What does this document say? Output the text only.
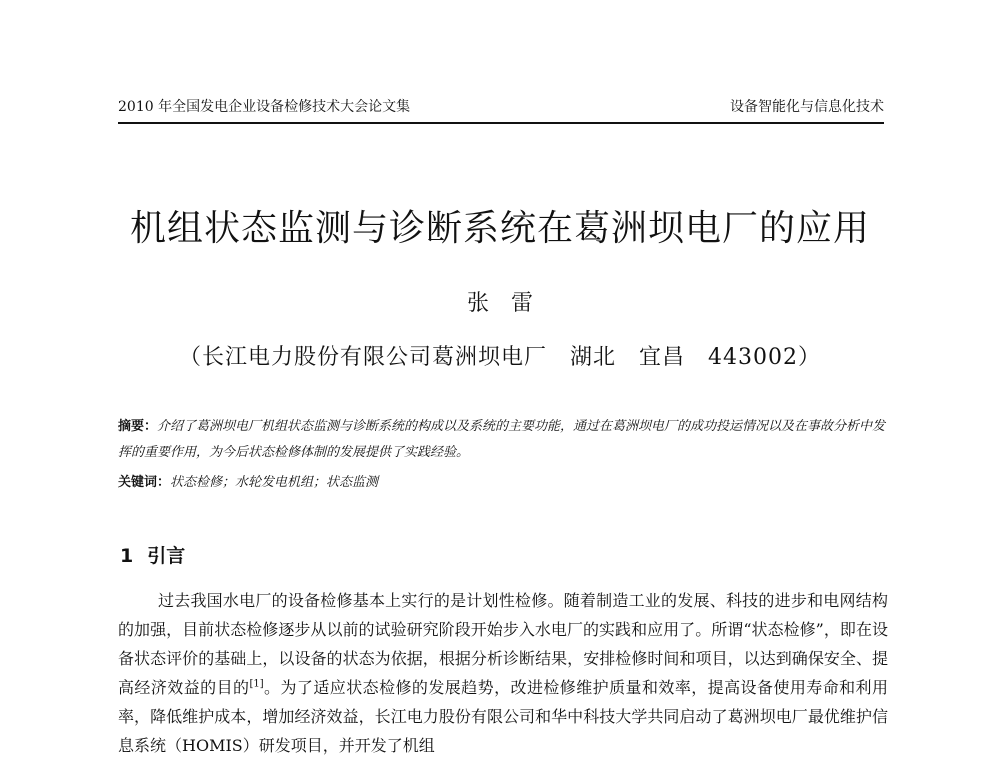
2010 年全国发电企业设备检修技术大会论文集	设备智能化与信息化技术
机组状态监测与诊断系统在葛洲坝电厂的应用
张雷
（长江电力股份有限公司葛洲坝电厂　湖北　宜昌　443002）
摘要：介绍了葛洲坝电厂机组状态监测与诊断系统的构成以及系统的主要功能，通过在葛洲坝电厂的成功投运情况以及在事故分析中发挥的重要作用，为今后状态检修体制的发展提供了实践经验。
关键词：状态检修；水轮发电机组；状态监测
1 引言

过去我国水电厂的设备检修基本上实行的是计划性检修。随着制造工业的发展、科技的进步和电网结构的加强，目前状态检修逐步从以前的试验研究阶段开始步入水电厂的实践和应用了。所谓“状态检修”，即在设备状态评价的基础上，以设备的状态为依据，根据分析诊断结果，安排检修时间和项目，以达到确保安全、提高经济效益的目的[1]。为了适应状态检修的发展趋势，改进检修维护质量和效率，提高设备使用寿命和利用率，降低维护成本，增加经济效益，长江电力股份有限公司和华中科技大学共同启动了葛洲坝电厂最优维护信息系统（HOMIS）研发项目，并开发了机组
